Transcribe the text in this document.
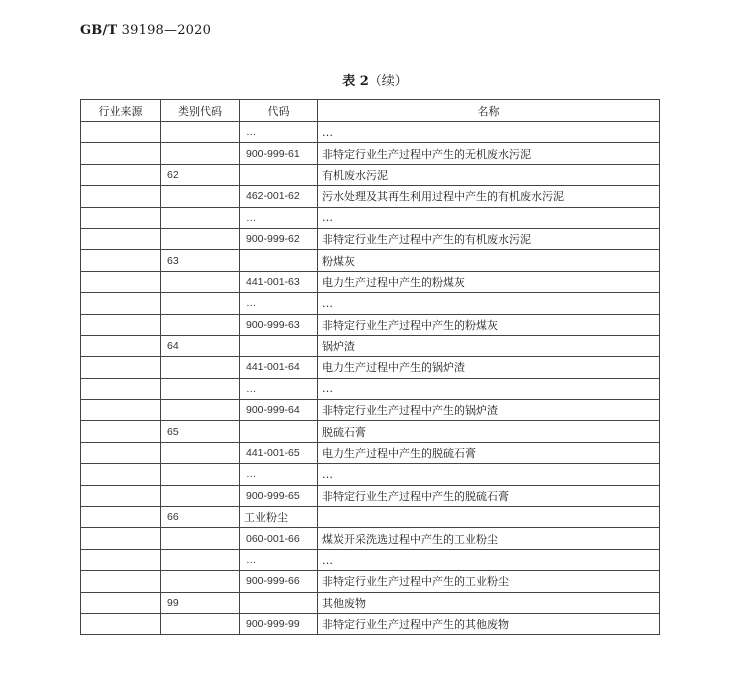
GB/T 39198—2020
表 2（续）
行业来源	类别代码	代码	名称
		…	…
		900-999-61	非特定行业生产过程中产生的无机废水污泥
	62		有机废水污泥
		462-001-62	污水处理及其再生利用过程中产生的有机废水污泥
		…	…
		900-999-62	非特定行业生产过程中产生的有机废水污泥
	63		粉煤灰
		441-001-63	电力生产过程中产生的粉煤灰
		…	…
		900-999-63	非特定行业生产过程中产生的粉煤灰
	64		锅炉渣
		441-001-64	电力生产过程中产生的锅炉渣
		…	…
		900-999-64	非特定行业生产过程中产生的锅炉渣
	65		脱硫石膏
		441-001-65	电力生产过程中产生的脱硫石膏
		…	…
		900-999-65	非特定行业生产过程中产生的脱硫石膏
	66	工业粉尘	
		060-001-66	煤炭开采洗选过程中产生的工业粉尘
		…	…
		900-999-66	非特定行业生产过程中产生的工业粉尘
	99		其他废物
		900-999-99	非特定行业生产过程中产生的其他废物
